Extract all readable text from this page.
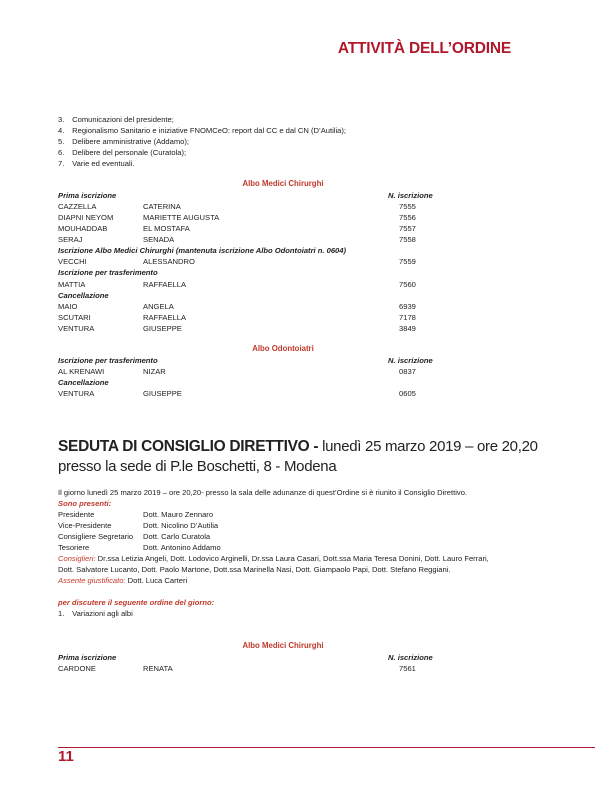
ATTIVITÀ DELL’ORDINE
3. Comunicazioni del presidente;
4. Regionalismo Sanitario e iniziative FNOMCeO: report dal CC e dal CN (D’Autilia);
5. Delibere amministrative (Addamo);
6. Delibere del personale (Curatola);
7. Varie ed eventuali.
Albo Medici Chirurghi
Prima iscrizione	N. iscrizione
CAZZELLA	CATERINA	7555
DIAPNI NEYOM	MARIETTE AUGUSTA	7556
MOUHADDAB	EL MOSTAFA	7557
SERAJ	SENADA	7558
Iscrizione Albo Medici Chirurghi (mantenuta iscrizione Albo Odontoiatri n. 0604)
VECCHI	ALESSANDRO	7559
Iscrizione per trasferimento
MATTIA	RAFFAELLA	7560
Cancellazione
MAIO	ANGELA	6939
SCUTARI	RAFFAELLA	7178
VENTURA	GIUSEPPE	3849
Albo Odontoiatri
Iscrizione per trasferimento	N. iscrizione
AL KRENAWI	NIZAR	0837
Cancellazione
VENTURA	GIUSEPPE	0605
SEDUTA DI CONSIGLIO DIRETTIVO - lunedì 25 marzo 2019 – ore 20,20
presso la sede di P.le Boschetti, 8 - Modena
Il giorno lunedì 25 marzo 2019 – ore 20,20- presso la sala delle adunanze di quest’Ordine si è riunito il Consiglio Direttivo.
Sono presenti:
Presidente	Dott. Mauro Zennaro
Vice-Presidente	Dott. Nicolino D’Autilia
Consigliere Segretario Dott. Carlo Curatola
Tesoriere	Dott. Antonino Addamo
Consiglieri: Dr.ssa Letizia Angeli, Dott. Lodovico Arginelli, Dr.ssa Laura Casari, Dott.ssa Maria Teresa Donini, Dott. Lauro Ferrari,
Dott. Salvatore Lucanto, Dott. Paolo Martone, Dott.ssa Marinella Nasi, Dott. Giampaolo Papi, Dott. Stefano Reggiani.
Assente giustificato: Dott. Luca Carteri
per discutere il seguente ordine del giorno:
1. Variazioni agli albi
Albo Medici Chirurghi
Prima iscrizione	N. iscrizione
CARDONE	RENATA	7561
11
